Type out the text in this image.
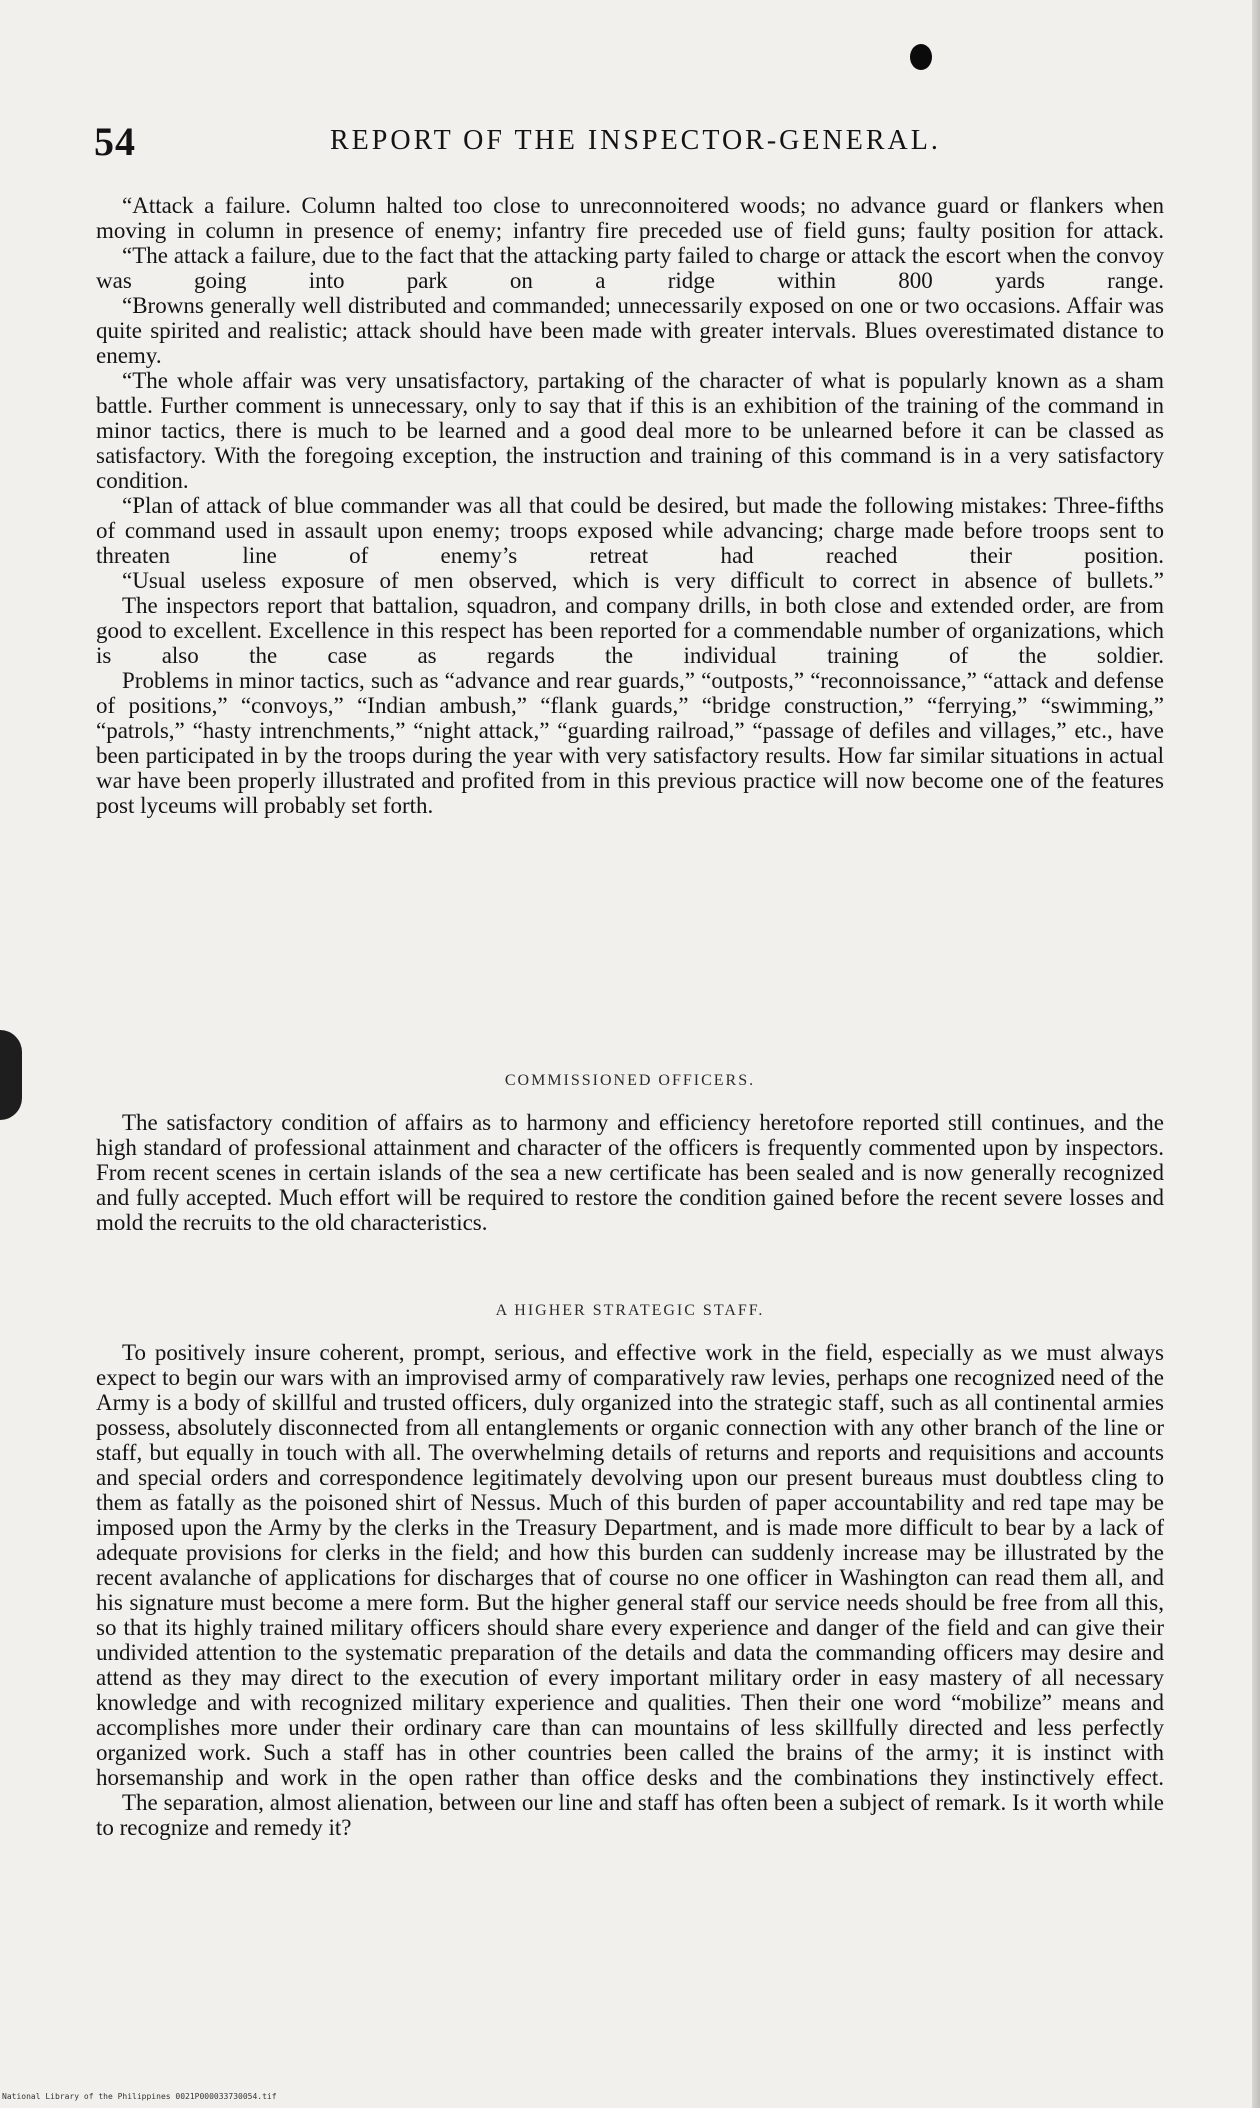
54	REPORT OF THE INSPECTOR-GENERAL.

“Attack a failure. Column halted too close to unreconnoitered woods; no advance guard or flankers when moving in column in presence of enemy; infantry fire preceded use of field guns; faulty position for attack.

“The attack a failure, due to the fact that the attacking party failed to charge or attack the escort when the convoy was going into park on a ridge within 800 yards range.

“Browns generally well distributed and commanded; unnecessarily exposed on one or two occasions. Affair was quite spirited and realistic; attack should have been made with greater intervals. Blues overestimated distance to enemy.

“The whole affair was very unsatisfactory, partaking of the character of what is popularly known as a sham battle. Further comment is unnecessary, only to say that if this is an exhibition of the training of the command in minor tactics, there is much to be learned and a good deal more to be unlearned before it can be classed as satisfactory. With the foregoing exception, the instruction and training of this command is in a very satisfactory condition.

“Plan of attack of blue commander was all that could be desired, but made the following mistakes: Three-fifths of command used in assault upon enemy; troops exposed while advancing; charge made before troops sent to threaten line of enemy’s retreat had reached their position.

“Usual useless exposure of men observed, which is very difficult to correct in absence of bullets.”

The inspectors report that battalion, squadron, and company drills, in both close and extended order, are from good to excellent. Excellence in this respect has been reported for a commendable number of organizations, which is also the case as regards the individual training of the soldier.

Problems in minor tactics, such as “advance and rear guards,” “outposts,” “reconnoissance,” “attack and defense of positions,” “convoys,” “Indian ambush,” “flank guards,” “bridge construction,” “ferrying,” “swimming,” “patrols,” “hasty intrenchments,” “night attack,” “guarding railroad,” “passage of defiles and villages,” etc., have been participated in by the troops during the year with very satisfactory results. How far similar situations in actual war have been properly illustrated and profited from in this previous practice will now become one of the features post lyceums will probably set forth.

COMMISSIONED OFFICERS.

The satisfactory condition of affairs as to harmony and efficiency heretofore reported still continues, and the high standard of professional attainment and character of the officers is frequently commented upon by inspectors. From recent scenes in certain islands of the sea a new certificate has been sealed and is now generally recognized and fully accepted. Much effort will be required to restore the condition gained before the recent severe losses and mold the recruits to the old characteristics.

A HIGHER STRATEGIC STAFF.

To positively insure coherent, prompt, serious, and effective work in the field, especially as we must always expect to begin our wars with an improvised army of comparatively raw levies, perhaps one recognized need of the Army is a body of skillful and trusted officers, duly organized into the strategic staff, such as all continental armies possess, absolutely disconnected from all entanglements or organic connection with any other branch of the line or staff, but equally in touch with all. The overwhelming details of returns and reports and requisitions and accounts and special orders and correspondence legitimately devolving upon our present bureaus must doubtless cling to them as fatally as the poisoned shirt of Nessus. Much of this burden of paper accountability and red tape may be imposed upon the Army by the clerks in the Treasury Department, and is made more difficult to bear by a lack of adequate provisions for clerks in the field; and how this burden can suddenly increase may be illustrated by the recent avalanche of applications for discharges that of course no one officer in Washington can read them all, and his signature must become a mere form. But the higher general staff our service needs should be free from all this, so that its highly trained military officers should share every experience and danger of the field and can give their undivided attention to the systematic preparation of the details and data the commanding officers may desire and attend as they may direct to the execution of every important military order in easy mastery of all necessary knowledge and with recognized military experience and qualities. Then their one word “mobilize” means and accomplishes more under their ordinary care than can mountains of less skillfully directed and less perfectly organized work. Such a staff has in other countries been called the brains of the army; it is instinct with horsemanship and work in the open rather than office desks and the combinations they instinctively effect.

The separation, almost alienation, between our line and staff has often been a subject of remark. Is it worth while to recognize and remedy it?

National Library of the Philippines 0021P000033730054.tif
